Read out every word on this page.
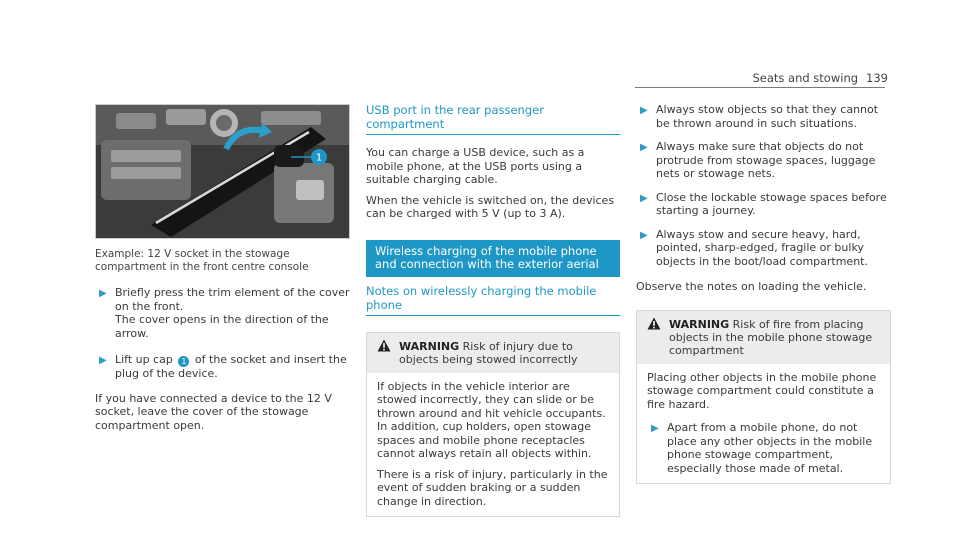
Seats and stowing 139
1

Example: 12 V socket in the stowage compartment in the front centre console

▶ Briefly press the trim element of the cover on the front.

The cover opens in the direction of the arrow.

▶ Lift up cap 1 of the socket and insert the plug of the device.

If you have connected a device to the 12 V socket, leave the cover of the stowage compartment open.

USB port in the rear passenger compartment

You can charge a USB device, such as a mobile phone, at the USB ports using a suitable charging cable.

When the vehicle is switched on, the devices can be charged with 5 V (up to 3 A).

Wireless charging of the mobile phone and connection with the exterior aerial
Notes on wirelessly charging the mobile phone
WARNING Risk of injury due to objects being stowed incorrectly

If objects in the vehicle interior are stowed incorrectly, they can slide or be thrown around and hit vehicle occupants. In addition, cup holders, open stowage spaces and mobile phone receptacles cannot always retain all objects within.

There is a risk of injury, particularly in the event of sudden braking or a sudden change in direction.

▶ Always stow objects so that they cannot be thrown around in such situations.

▶ Always make sure that objects do not protrude from stowage spaces, luggage nets or stowage nets.

▶ Close the lockable stowage spaces before starting a journey.

▶ Always stow and secure heavy, hard, pointed, sharp-edged, fragile or bulky objects in the boot/load compartment.

Observe the notes on loading the vehicle.

WARNING Risk of fire from placing objects in the mobile phone stowage compartment

Placing other objects in the mobile phone stowage compartment could constitute a fire hazard.

▶ Apart from a mobile phone, do not place any other objects in the mobile phone stowage compartment, especially those made of metal.
